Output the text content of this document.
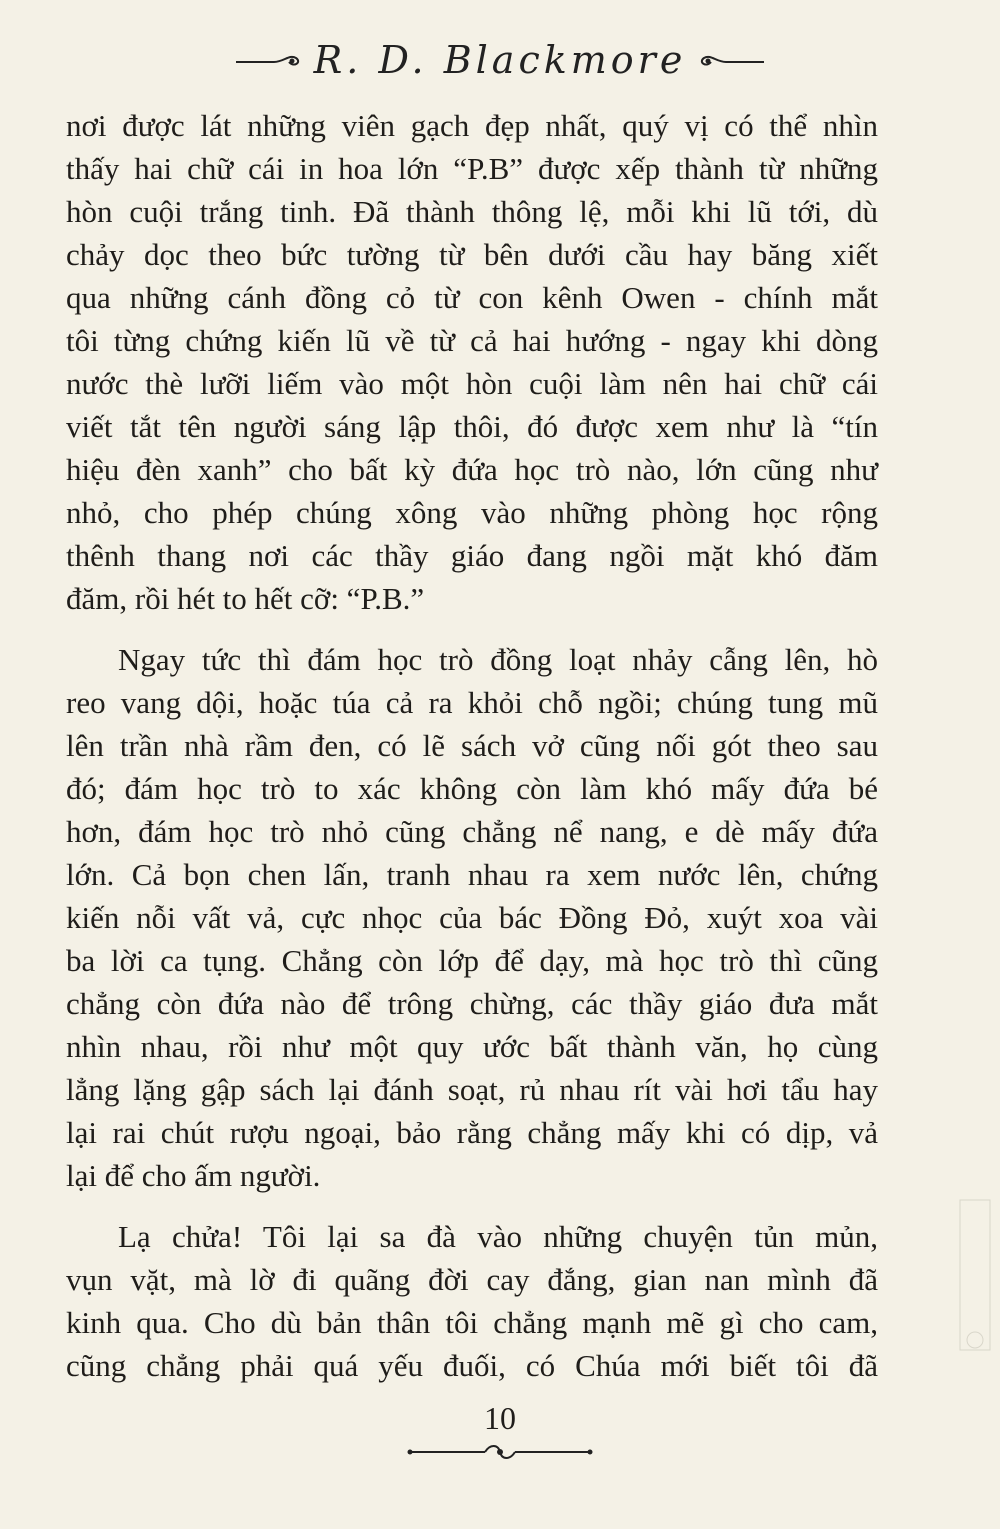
R. D. Blackmore

nơi được lát những viên gạch đẹp nhất, quý vị có thể nhìn
thấy hai chữ cái in hoa lớn “P.B” được xếp thành từ những
hòn cuội trắng tinh. Đã thành thông lệ, mỗi khi lũ tới, dù
chảy dọc theo bức tường từ bên dưới cầu hay băng xiết
qua những cánh đồng cỏ từ con kênh Owen - chính mắt
tôi từng chứng kiến lũ về từ cả hai hướng - ngay khi dòng
nước thè lưỡi liếm vào một hòn cuội làm nên hai chữ cái
viết tắt tên người sáng lập thôi, đó được xem như là “tín
hiệu đèn xanh” cho bất kỳ đứa học trò nào, lớn cũng như
nhỏ, cho phép chúng xông vào những phòng học rộng
thênh thang nơi các thầy giáo đang ngồi mặt khó đăm
đăm, rồi hét to hết cỡ: “P.B.”

Ngay tức thì đám học trò đồng loạt nhảy cẫng lên, hò
reo vang dội, hoặc túa cả ra khỏi chỗ ngồi; chúng tung mũ
lên trần nhà rầm đen, có lẽ sách vở cũng nối gót theo sau
đó; đám học trò to xác không còn làm khó mấy đứa bé
hơn, đám học trò nhỏ cũng chẳng nể nang, e dè mấy đứa
lớn. Cả bọn chen lấn, tranh nhau ra xem nước lên, chứng
kiến nỗi vất vả, cực nhọc của bác Đồng Đỏ, xuýt xoa vài
ba lời ca tụng. Chẳng còn lớp để dạy, mà học trò thì cũng
chẳng còn đứa nào để trông chừng, các thầy giáo đưa mắt
nhìn nhau, rồi như một quy ước bất thành văn, họ cùng
lẳng lặng gập sách lại đánh soạt, rủ nhau rít vài hơi tẩu hay
lại rai chút rượu ngoại, bảo rằng chẳng mấy khi có dịp, vả
lại để cho ấm người.

Lạ chửa! Tôi lại sa đà vào những chuyện tủn mủn,
vụn vặt, mà lờ đi quãng đời cay đắng, gian nan mình đã
kinh qua. Cho dù bản thân tôi chẳng mạnh mẽ gì cho cam,
cũng chẳng phải quá yếu đuối, có Chúa mới biết tôi đã

10
